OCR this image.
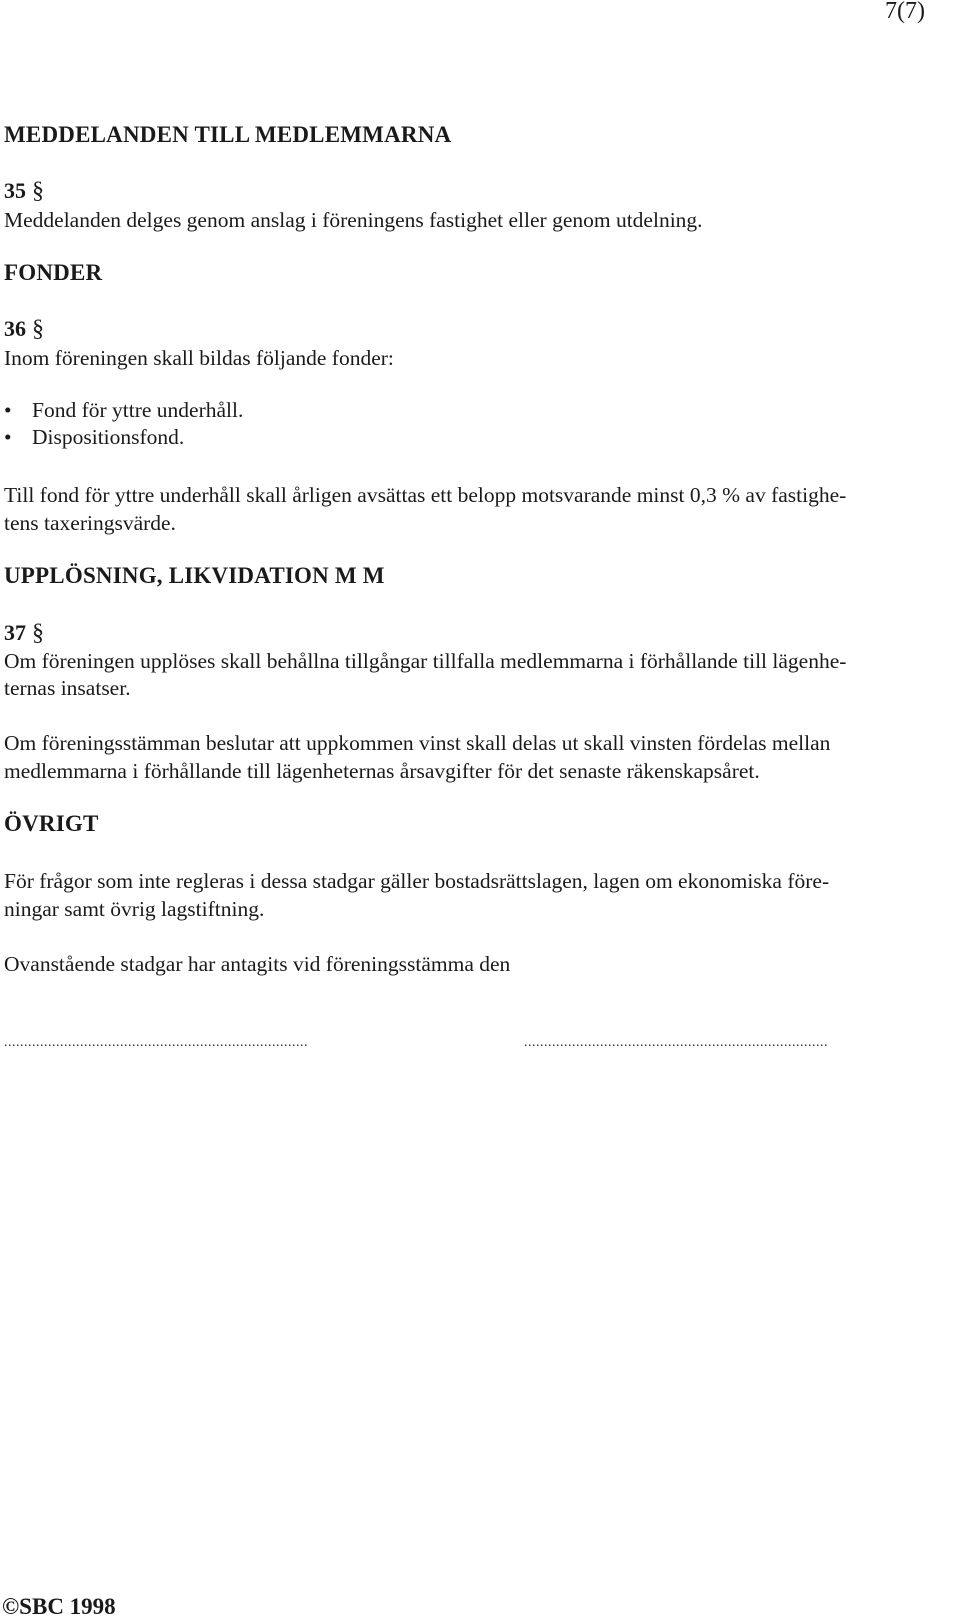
7(7)
MEDDELANDEN TILL MEDLEMMARNA
35 §
Meddelanden delges genom anslag i föreningens fastighet eller genom utdelning.
FONDER
36 §
Inom föreningen skall bildas följande fonder:
• Fond för yttre underhåll.
• Dispositionsfond.
Till fond för yttre underhåll skall årligen avsättas ett belopp motsvarande minst 0,3 % av fastighe-
tens taxeringsvärde.
UPPLÖSNING, LIKVIDATION M M
37 §
Om föreningen upplöses skall behållna tillgångar tillfalla medlemmarna i förhållande till lägenhe-
ternas insatser.
Om föreningsstämman beslutar att uppkommen vinst skall delas ut skall vinsten fördelas mellan
medlemmarna i förhållande till lägenheternas årsavgifter för det senaste räkenskapsåret.
ÖVRIGT
För frågor som inte regleras i dessa stadgar gäller bostadsrättslagen, lagen om ekonomiska före-
ningar samt övrig lagstiftning.
Ovanstående stadgar har antagits vid föreningsstämma den
............................................................................	............................................................................
©SBC 1998
